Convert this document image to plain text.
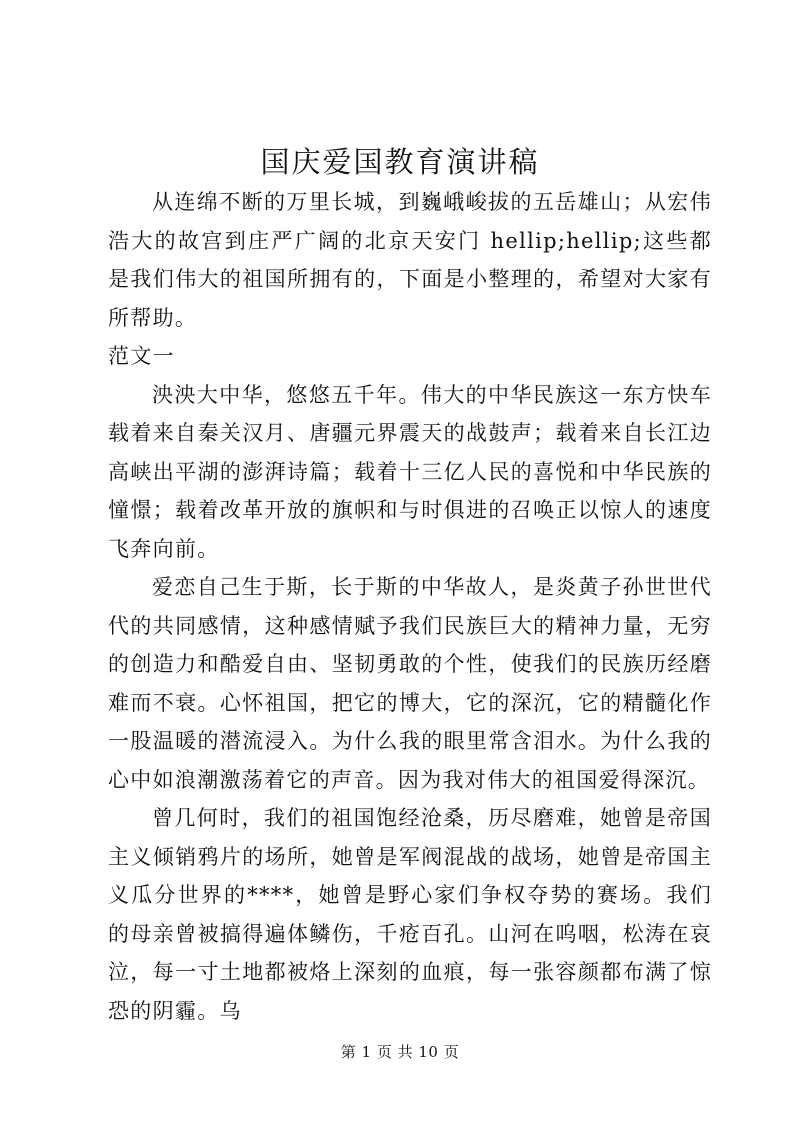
国庆爱国教育演讲稿

从连绵不断的万里长城，到巍峨峻拔的五岳雄山；从宏伟浩大的故宫到庄严广阔的北京天安门 hellip;hellip;这些都是我们伟大的祖国所拥有的，下面是小整理的，希望对大家有所帮助。

范文一

泱泱大中华，悠悠五千年。伟大的中华民族这一东方快车载着来自秦关汉月、唐疆元界震天的战鼓声；载着来自长江边高峡出平湖的澎湃诗篇；载着十三亿人民的喜悦和中华民族的憧憬；载着改革开放的旗帜和与时俱进的召唤正以惊人的速度飞奔向前。

爱恋自己生于斯，长于斯的中华故人，是炎黄子孙世世代代的共同感情，这种感情赋予我们民族巨大的精神力量，无穷的创造力和酷爱自由、坚韧勇敢的个性，使我们的民族历经磨难而不衰。心怀祖国，把它的博大，它的深沉，它的精髓化作一股温暖的潜流浸入。为什么我的眼里常含泪水。为什么我的心中如浪潮激荡着它的声音。因为我对伟大的祖国爱得深沉。

曾几何时，我们的祖国饱经沧桑，历尽磨难，她曾是帝国主义倾销鸦片的场所，她曾是军阀混战的战场，她曾是帝国主义瓜分世界的****，她曾是野心家们争权夺势的赛场。我们的母亲曾被搞得遍体鳞伤，千疮百孔。山河在呜咽，松涛在哀泣，每一寸土地都被烙上深刻的血痕，每一张容颜都布满了惊恐的阴霾。乌

第 1 页 共 10 页
